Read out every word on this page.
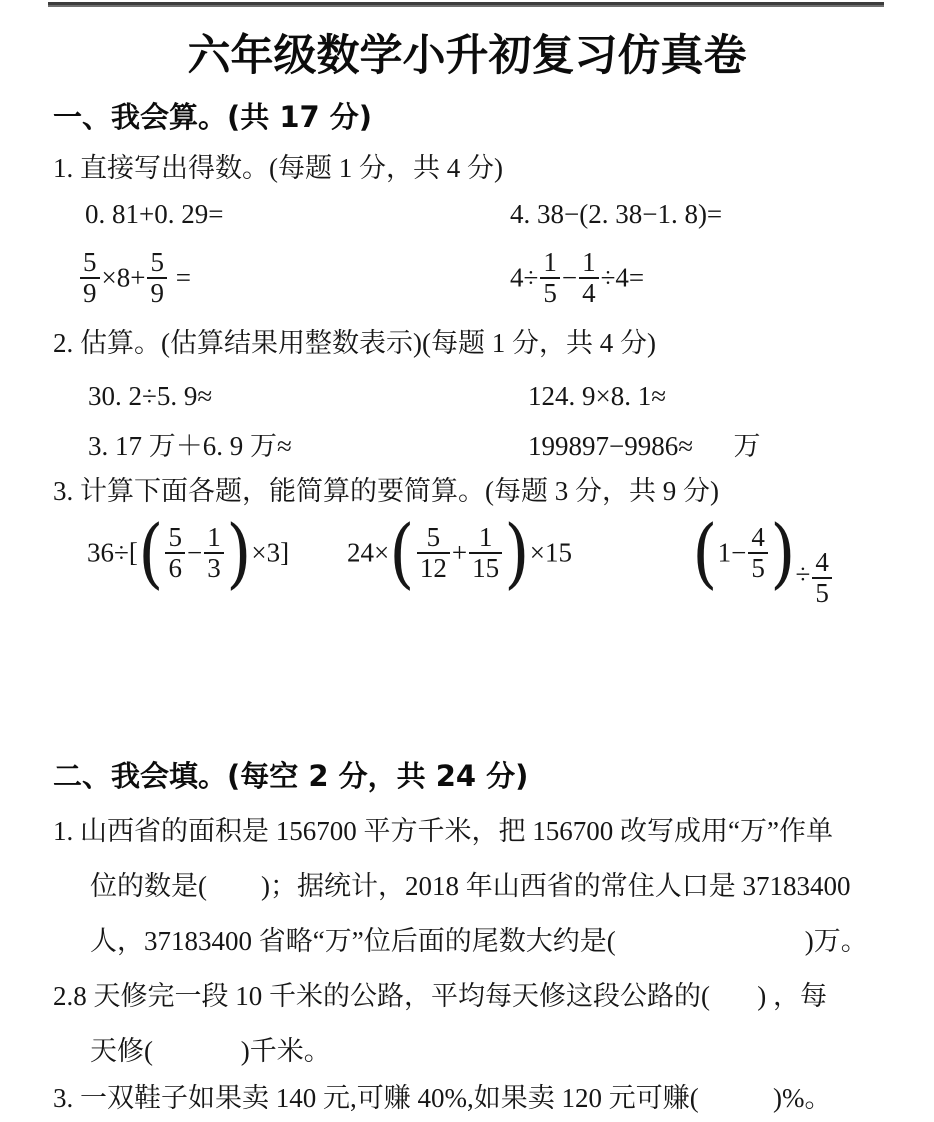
六年级数学小升初复习仿真卷
一、我会算。(共 17 分)

1. 直接写出得数。(每题 1 分，共 4 分)

0. 81+0. 29=	4. 38−(2. 38−1. 8)=

$\frac{5}{9} \times 8+ \frac{5}{9}$ =	$4\div \frac{1}{5} - \frac{1}{4} \div 4=$

2. 估算。(估算结果用整数表示)(每题 1 分，共 4 分)

30. 2÷5. 9≈	124. 9×8. 1≈

3. 17 万＋6. 9 万≈	199897−9986≈      万

3. 计算下面各题，能简算的要简算。(每题 3 分，共 9 分)

$36\div[( \frac{5}{6} - \frac{1}{3} )\times 3]$ $24\times( \frac{5}{12} + \frac{1}{15} )\times 15$ ($1- \frac{4}{5}$ )÷ $\frac{4}{5}$
二、我会填。(每空 2 分，共 24 分)

1. 山西省的面积是 156700 平方千米，把 156700 改写成用“万”作单

位的数是(        )；据统计，2018 年山西省的常住人口是 37183400

人，37183400 省略“万”位后面的尾数大约是(                            )万。

2.8 天修完一段 10 千米的公路，平均每天修这段公路的(       ) ，每

天修(             )千米。

3. 一双鞋子如果卖 140 元,可赚 40%,如果卖 120 元可赚(           )%。
